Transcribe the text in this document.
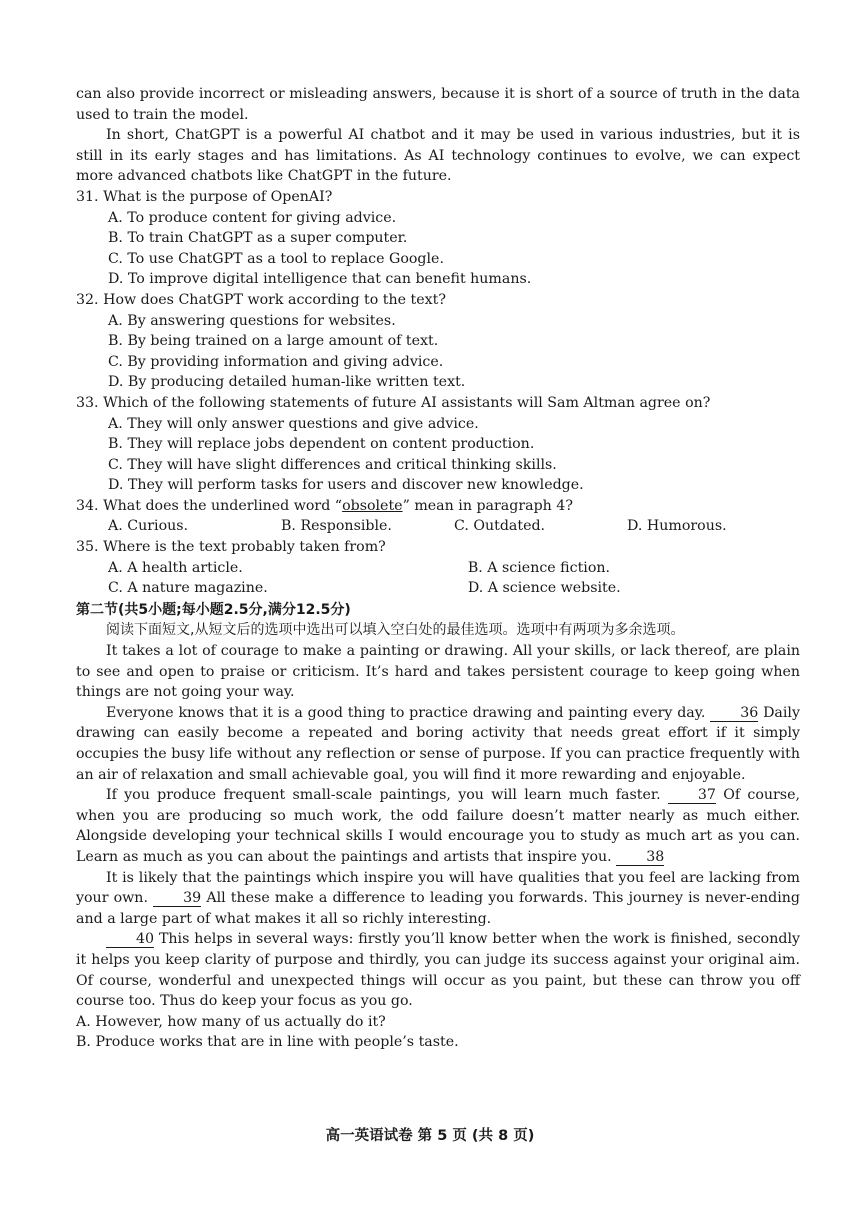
can also provide incorrect or misleading answers, because it is short of a source of truth in the data used to train the model.

In short, ChatGPT is a powerful AI chatbot and it may be used in various industries, but it is still in its early stages and has limitations. As AI technology continues to evolve, we can expect more advanced chatbots like ChatGPT in the future.

31. What is the purpose of OpenAI?

A. To produce content for giving advice.

B. To train ChatGPT as a super computer.

C. To use ChatGPT as a tool to replace Google.

D. To improve digital intelligence that can benefit humans.

32. How does ChatGPT work according to the text?

A. By answering questions for websites.

B. By being trained on a large amount of text.

C. By providing information and giving advice.

D. By producing detailed human-like written text.

33. Which of the following statements of future AI assistants will Sam Altman agree on?

A. They will only answer questions and give advice.

B. They will replace jobs dependent on content production.

C. They will have slight differences and critical thinking skills.

D. They will perform tasks for users and discover new knowledge.

34. What does the underlined word “obsolete” mean in paragraph 4?

A. Curious.	B. Responsible.	C. Outdated.	D. Humorous.

35. Where is the text probably taken from?

A. A health article.	B. A science fiction.
C. A nature magazine.	D. A science website.

第二节(共5小题;每小题2.5分,满分12.5分)

阅读下面短文,从短文后的选项中选出可以填入空白处的最佳选项。选项中有两项为多余选项。

It takes a lot of courage to make a painting or drawing. All your skills, or lack thereof, are plain to see and open to praise or criticism. It’s hard and takes persistent courage to keep going when things are not going your way.

Everyone knows that it is a good thing to practice drawing and painting every day. 36 Daily drawing can easily become a repeated and boring activity that needs great effort if it simply occupies the busy life without any reflection or sense of purpose. If you can practice frequently with an air of relaxation and small achievable goal, you will find it more rewarding and enjoyable.

If you produce frequent small-scale paintings, you will learn much faster.	37 Of course, when you are producing so much work, the odd failure doesn’t matter nearly as much either. Alongside developing your technical skills I would encourage you to study as much art as you can. Learn as much as you can about the paintings and artists that inspire you. 38

It is likely that the paintings which inspire you will have qualities that you feel are lacking from your own. 39 All these make a difference to leading you forwards. This journey is never-ending and a large part of what makes it all so richly interesting.

40 This helps in several ways: firstly you’ll know better when the work is finished, secondly it helps you keep clarity of purpose and thirdly, you can judge its success against your original aim. Of course, wonderful and unexpected things will occur as you paint, but these can throw you off course too. Thus do keep your focus as you go.

A. However, how many of us actually do it?

B. Produce works that are in line with people’s taste.

高一英语试卷 第 5 页 (共 8 页)
